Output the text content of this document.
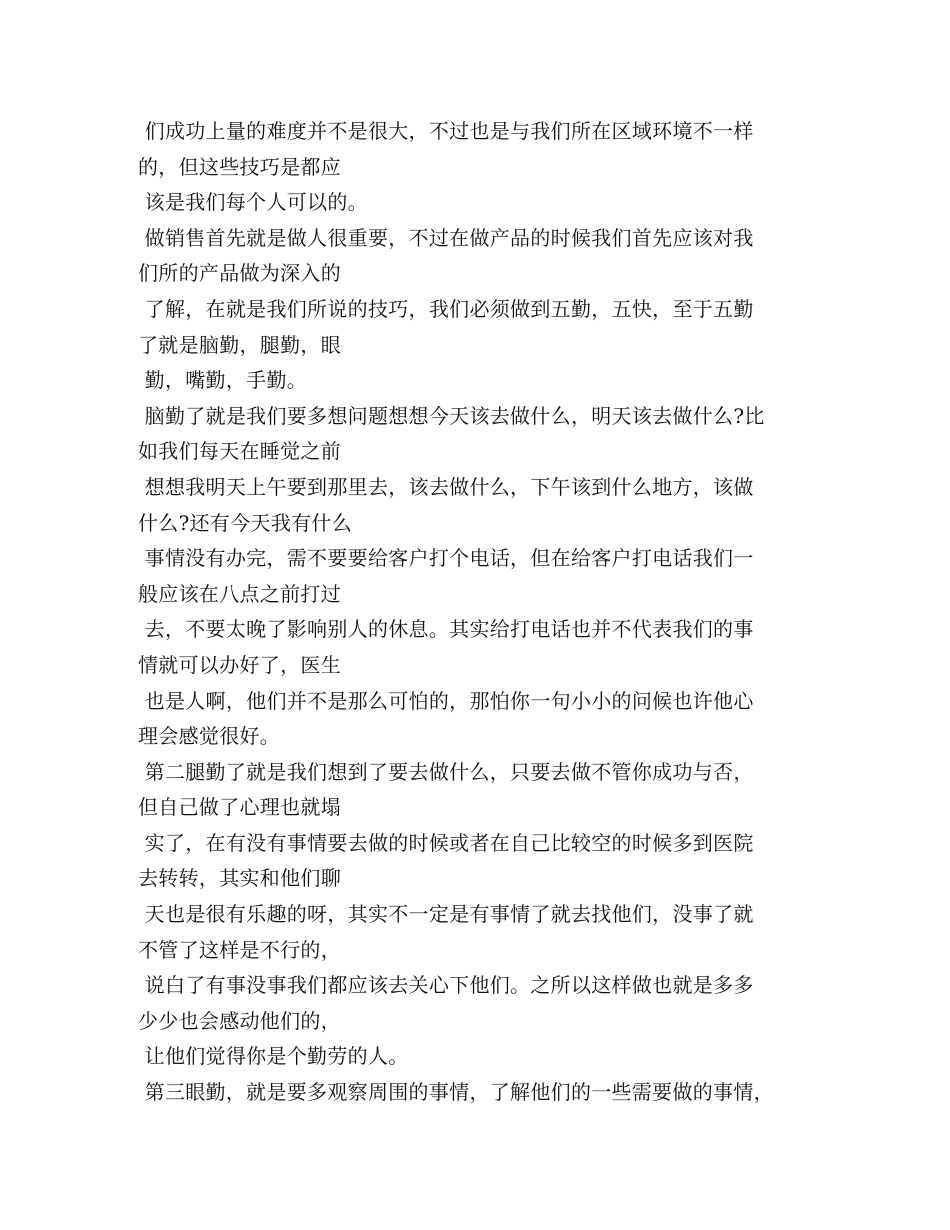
们成功上量的难度并不是很大，不过也是与我们所在区域环境不一样
的，但这些技巧是都应
该是我们每个人可以的。
做销售首先就是做人很重要，不过在做产品的时候我们首先应该对我
们所的产品做为深入的
了解，在就是我们所说的技巧，我们必须做到五勤，五快，至于五勤
了就是脑勤，腿勤，眼
勤，嘴勤，手勤。
脑勤了就是我们要多想问题想想今天该去做什么，明天该去做什么?比
如我们每天在睡觉之前
想想我明天上午要到那里去，该去做什么，下午该到什么地方，该做
什么?还有今天我有什么
事情没有办完，需不要要给客户打个电话，但在给客户打电话我们一
般应该在八点之前打过
去，不要太晚了影响别人的休息。其实给打电话也并不代表我们的事
情就可以办好了，医生
也是人啊，他们并不是那么可怕的，那怕你一句小小的问候也许他心
理会感觉很好。
第二腿勤了就是我们想到了要去做什么，只要去做不管你成功与否，
但自己做了心理也就塌
实了，在有没有事情要去做的时候或者在自己比较空的时候多到医院
去转转，其实和他们聊
天也是很有乐趣的呀，其实不一定是有事情了就去找他们，没事了就
不管了这样是不行的，
说白了有事没事我们都应该去关心下他们。之所以这样做也就是多多
少少也会感动他们的，
让他们觉得你是个勤劳的人。
第三眼勤，就是要多观察周围的事情，了解他们的一些需要做的事情，
